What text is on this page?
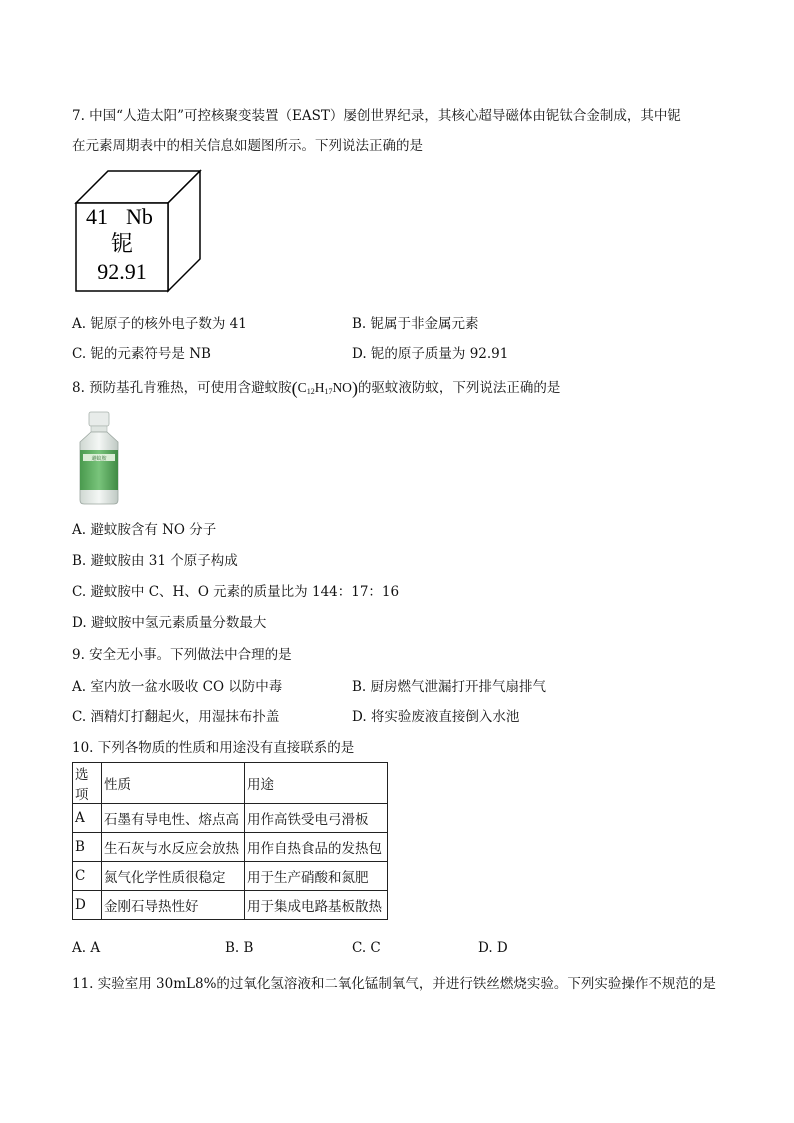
7. 中国“人造太阳”可控核聚变装置（EAST）屡创世界纪录，其核心超导磁体由铌钛合金制成，其中铌
在元素周期表中的相关信息如题图所示。下列说法正确的是
41 Nb
铌
92.91
A. 铌原子的核外电子数为 41	B. 铌属于非金属元素
C. 铌的元素符号是 NB	D. 铌的原子质量为 92.91
8. 预防基孔肯雅热，可使用含避蚊胺$(C_{12}H_{17}NO)$的驱蚊液防蚊，下列说法正确的是
避蚊胺
A. 避蚊胺含有 NO 分子
B. 避蚊胺由 31 个原子构成
C. 避蚊胺中 C、H、O 元素的质量比为 144：17：16
D. 避蚊胺中氢元素质量分数最大
9. 安全无小事。下列做法中合理的是
A. 室内放一盆水吸收 CO 以防中毒	B. 厨房燃气泄漏打开排气扇排气
C. 酒精灯打翻起火，用湿抹布扑盖	D. 将实验废液直接倒入水池
10. 下列各物质的性质和用途没有直接联系的是
选项	性质	用途
A	石墨有导电性、熔点高	用作高铁受电弓滑板
B	生石灰与水反应会放热	用作自热食品的发热包
C	氮气化学性质很稳定	用于生产硝酸和氮肥
D	金刚石导热性好	用于集成电路基板散热
A. A	B. B	C. C	D. D
11. 实验室用 30mL8%的过氧化氢溶液和二氧化锰制氧气，并进行铁丝燃烧实验。下列实验操作不规范的是
